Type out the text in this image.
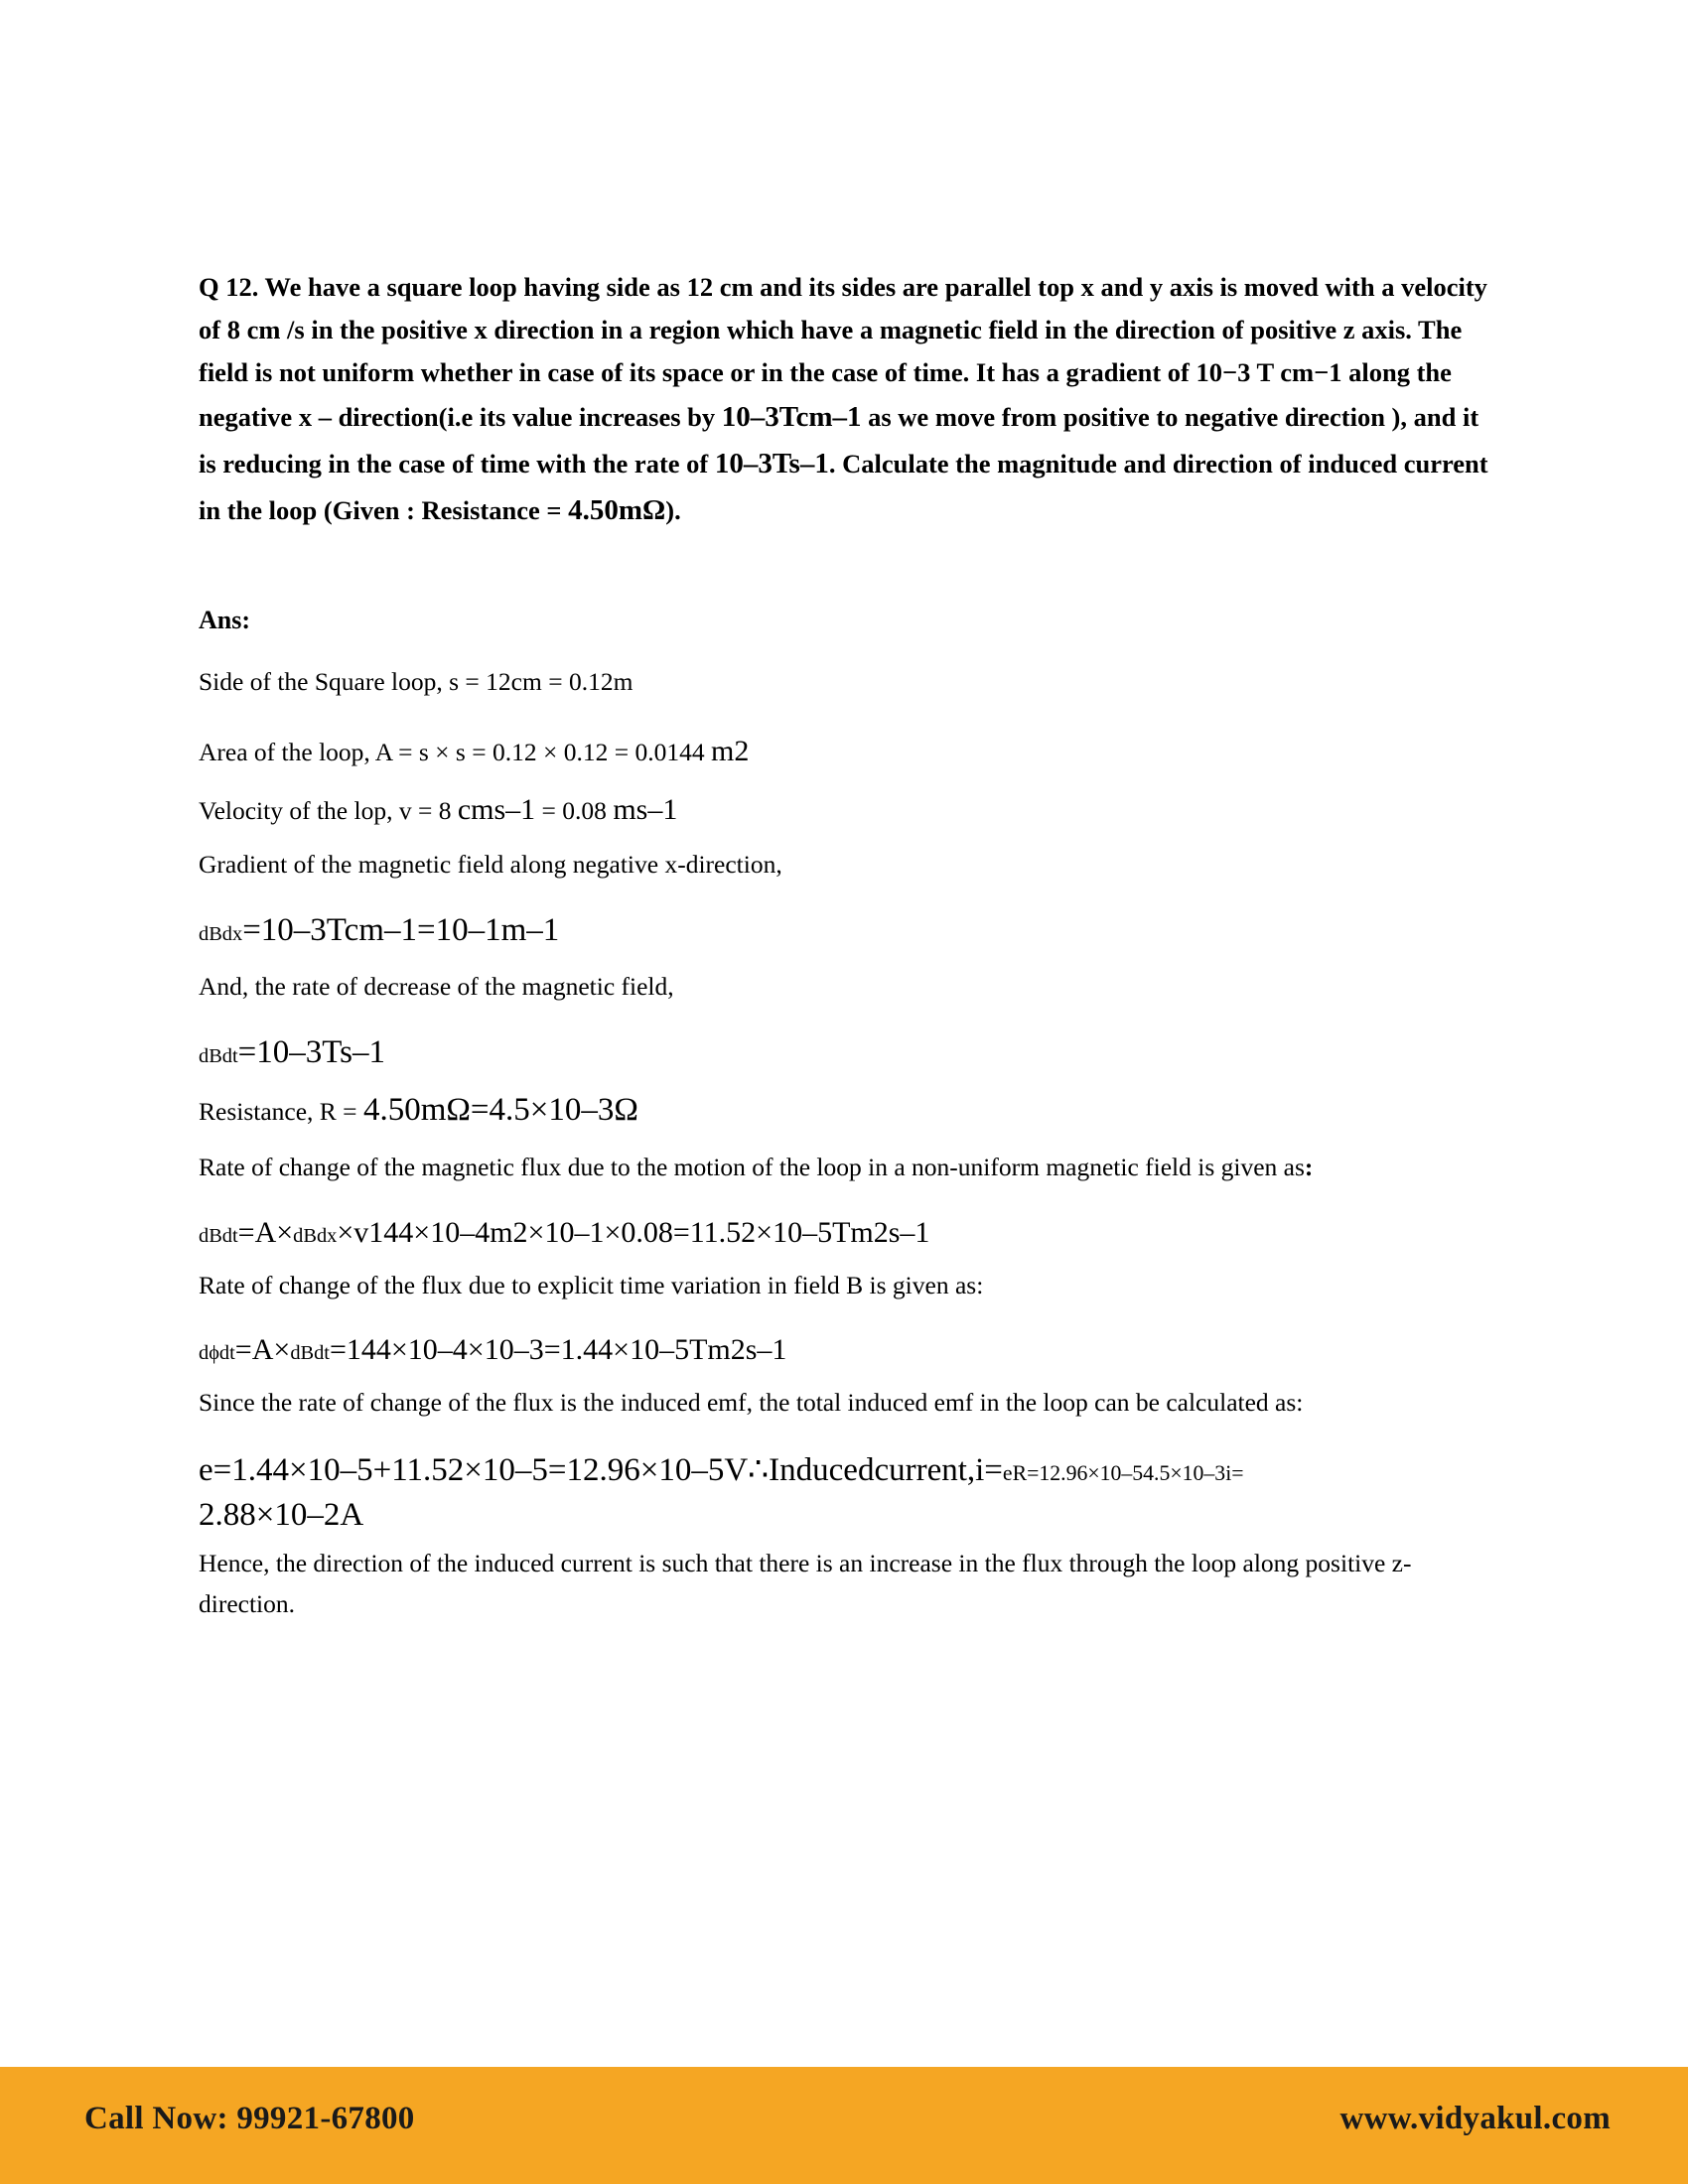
Q 12. We have a square loop having side as 12 cm and its sides are parallel top x and y axis is moved with a velocity of 8 cm /s in the positive x direction in a region which have a magnetic field in the direction of positive z axis. The field is not uniform whether in case of its space or in the case of time. It has a gradient of 10−3 T cm−1 along the negative x – direction(i.e its value increases by 10–3Tcm–1 as we move from positive to negative direction ), and it is reducing in the case of time with the rate of 10–3Ts–1. Calculate the magnitude and direction of induced current in the loop (Given : Resistance = 4.50mΩ).
Ans:
Side of the Square loop, s = 12cm = 0.12m
Area of the loop, A = s × s = 0.12 × 0.12 = 0.0144 m2
Velocity of the lop, v = 8 cms–1 = 0.08 ms–1
Gradient of the magnetic field along negative x-direction,
dBdx=10–3Tcm–1=10–1m–1
And, the rate of decrease of the magnetic field,
dBdt=10–3Ts–1
Resistance, R = 4.50mΩ=4.5×10–3Ω
Rate of change of the magnetic flux due to the motion of the loop in a non-uniform magnetic field is given as:
dBdt=A×dBdx×v144×10–4m2×10–1×0.08=11.52×10–5Tm2s–1
Rate of change of the flux due to explicit time variation in field B is given as:
dϕdt=A×dBdt=144×10–4×10–3=1.44×10–5Tm2s–1
Since the rate of change of the flux is the induced emf, the total induced emf in the loop can be calculated as:
e=1.44×10–5+11.52×10–5=12.96×10–5V∴Inducedcurrent,i=eR=12.96×10–54.5×10–3i=
2.88×10–2A
Hence, the direction of the induced current is such that there is an increase in the flux through the loop along positive z-direction.
Call Now: 99921-67800	www.vidyakul.com
